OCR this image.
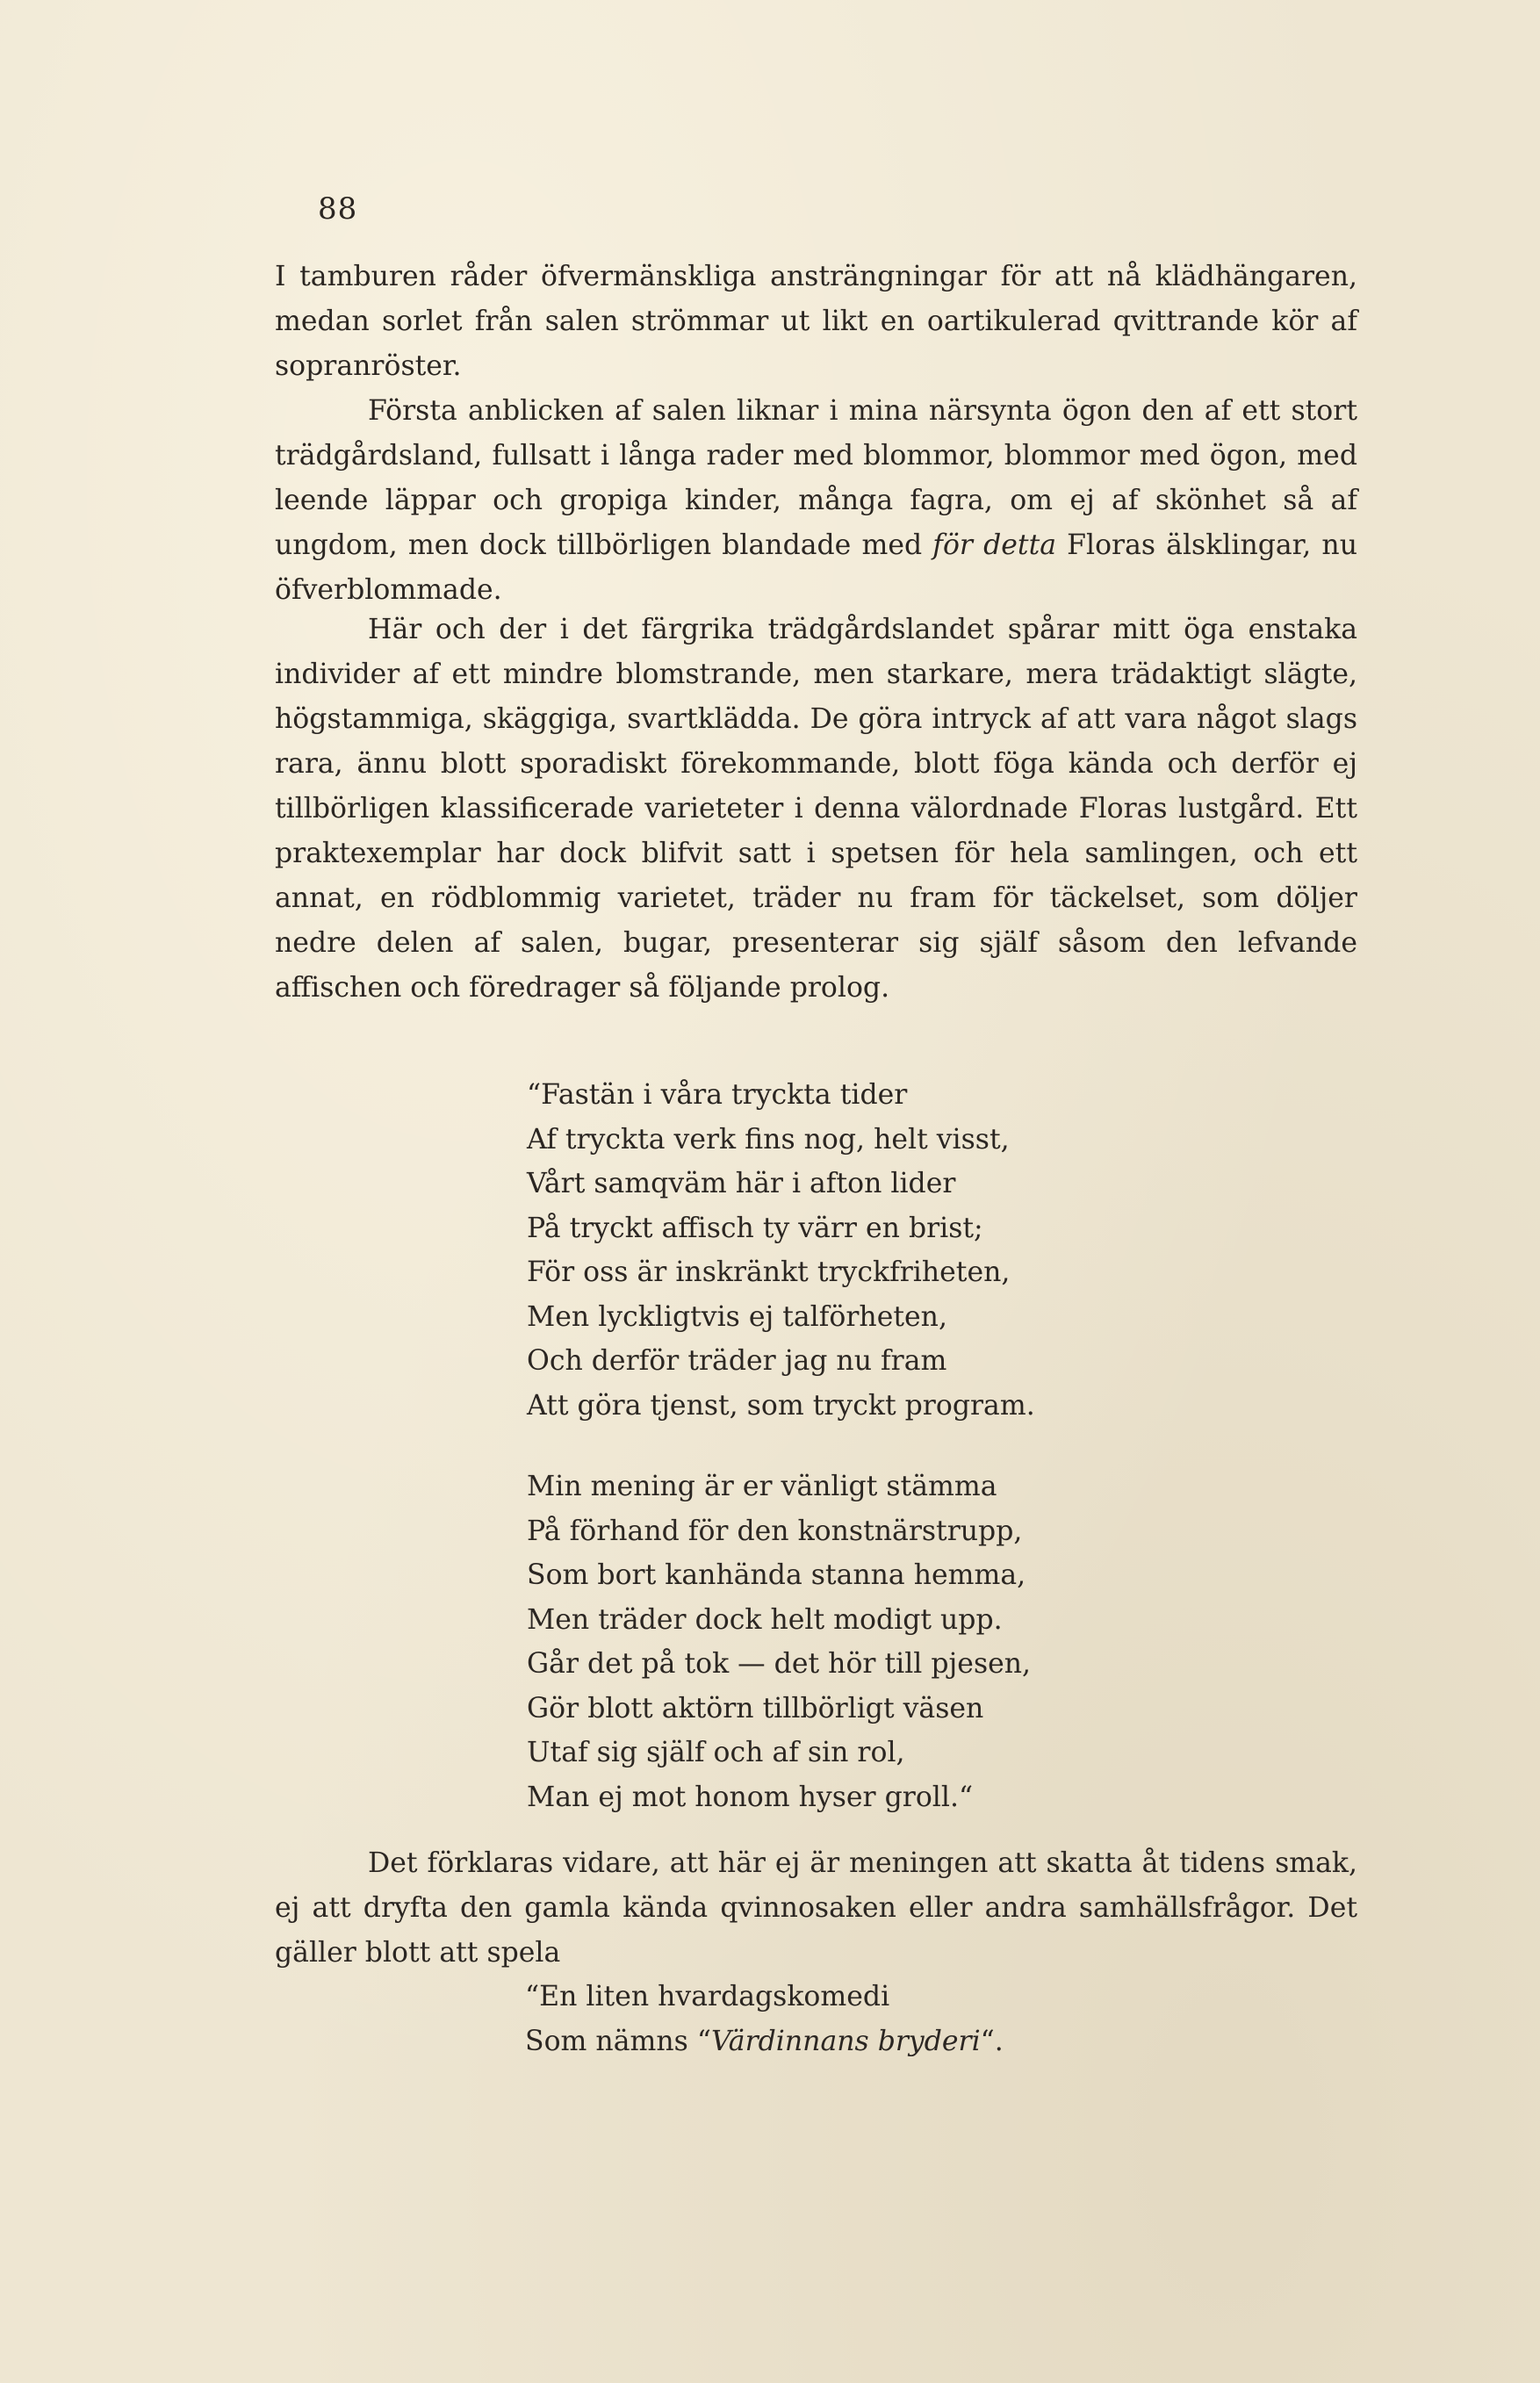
88

I tamburen råder öfvermänskliga ansträngningar för att nå klädhängaren, medan sorlet från salen strömmar ut likt en oartikulerad qvittrande kör af sopranröster.

Första anblicken af salen liknar i mina närsynta ögon den af ett stort trädgårdsland, fullsatt i långa rader med blommor, blommor med ögon, med leende läppar och gropiga kinder, många fagra, om ej af skönhet så af ungdom, men dock tillbörligen blandade med för detta Floras älsklingar, nu öfverblommade.

Här och der i det färgrika trädgårdslandet spårar mitt öga enstaka individer af ett mindre blomstrande, men starkare, mera trädaktigt slägte, högstammiga, skäggiga, svartklädda. De göra intryck af att vara något slags rara, ännu blott sporadiskt förekommande, blott föga kända och derför ej tillbörligen klassificerade varieteter i denna välordnade Floras lustgård. Ett praktexemplar har dock blifvit satt i spetsen för hela samlingen, och ett annat, en rödblommig varietet, träder nu fram för täckelset, som döljer nedre delen af salen, bugar, presenterar sig själf såsom den lefvande affischen och föredrager så följande prolog.

“Fastän i våra tryckta tider
Af tryckta verk fins nog, helt visst,
Vårt samqväm här i afton lider
På tryckt affisch ty värr en brist;
För oss är inskränkt tryckfriheten,
Men lyckligtvis ej talförheten,
Och derför träder jag nu fram
Att göra tjenst, som tryckt program.
Min mening är er vänligt stämma
På förhand för den konstnärstrupp,
Som bort kanhända stanna hemma,
Men träder dock helt modigt upp.
Går det på tok — det hör till pjesen,
Gör blott aktörn tillbörligt väsen
Utaf sig själf och af sin rol,
Man ej mot honom hyser groll.“

Det förklaras vidare, att här ej är meningen att skatta åt tidens smak, ej att dryfta den gamla kända qvinnosaken eller andra samhällsfrågor. Det gäller blott att spela

“En liten hvardagskomedi
Som nämns “Värdinnans bryderi“.
